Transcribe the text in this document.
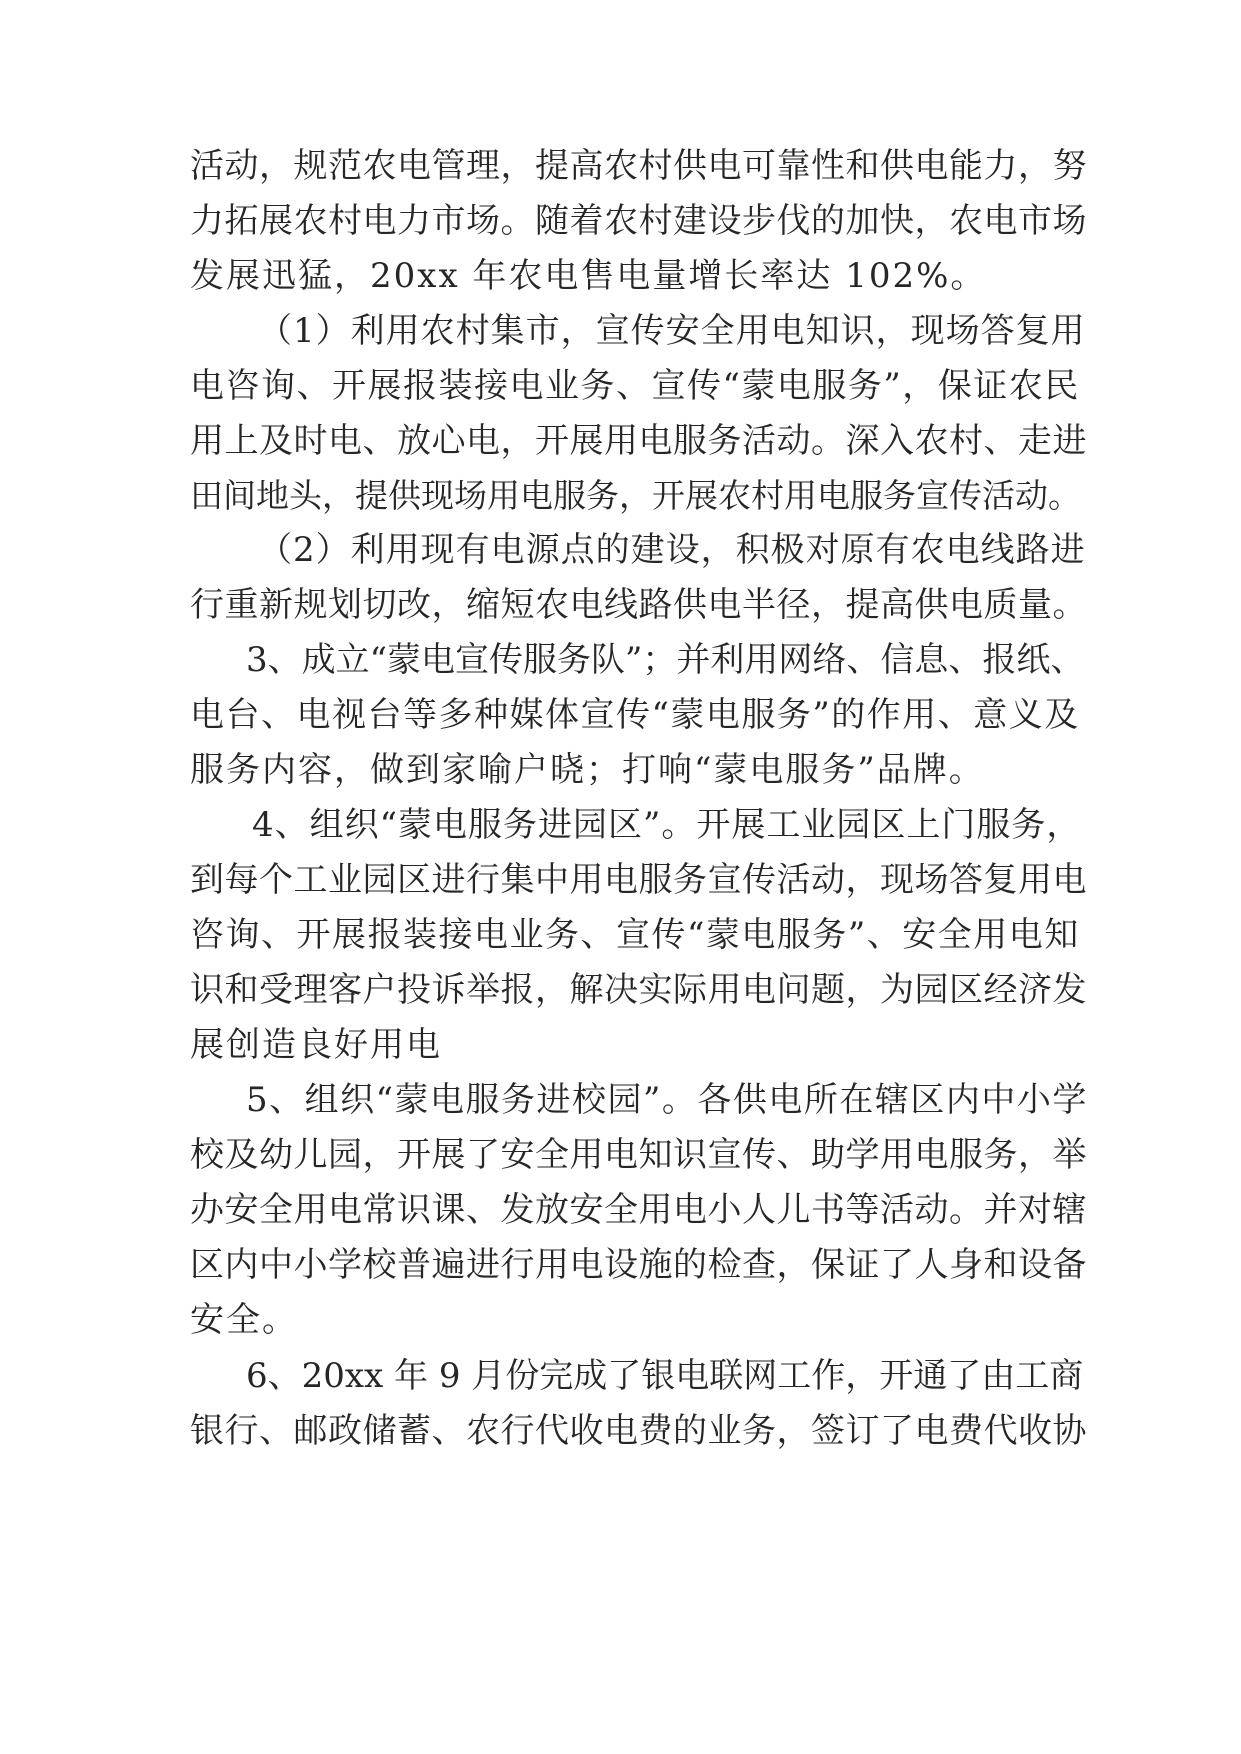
活动，规范农电管理，提高农村供电可靠性和供电能力，努

力拓展农村电力市场。随着农村建设步伐的加快，农电市场

发展迅猛，20xx 年农电售电量增长率达 102%。

（1）利用农村集市，宣传安全用电知识，现场答复用

电咨询、开展报装接电业务、宣传“蒙电服务”，保证农民

用上及时电、放心电，开展用电服务活动。深入农村、走进

田间地头，提供现场用电服务，开展农村用电服务宣传活动。

（2）利用现有电源点的建设，积极对原有农电线路进

行重新规划切改，缩短农电线路供电半径，提高供电质量。

3、成立“蒙电宣传服务队”；并利用网络、信息、报纸、

电台、电视台等多种媒体宣传“蒙电服务”的作用、意义及

服务内容，做到家喻户晓；打响“蒙电服务”品牌。

4、组织“蒙电服务进园区”。开展工业园区上门服务，

到每个工业园区进行集中用电服务宣传活动，现场答复用电

咨询、开展报装接电业务、宣传“蒙电服务”、安全用电知

识和受理客户投诉举报，解决实际用电问题，为园区经济发

展创造良好用电

5、组织“蒙电服务进校园”。各供电所在辖区内中小学

校及幼儿园，开展了安全用电知识宣传、助学用电服务，举

办安全用电常识课、发放安全用电小人儿书等活动。并对辖

区内中小学校普遍进行用电设施的检查，保证了人身和设备

安全。

6、20xx 年 9 月份完成了银电联网工作，开通了由工商

银行、邮政储蓄、农行代收电费的业务，签订了电费代收协
